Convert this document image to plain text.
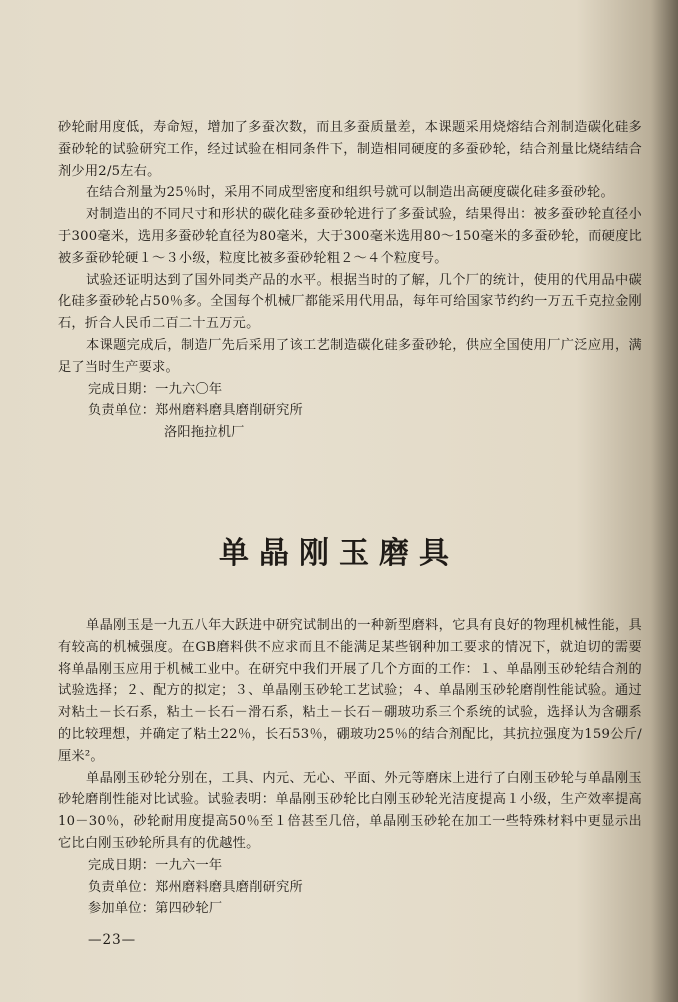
砂轮耐用度低，寿命短，增加了多蚕次数，而且多蚕质量差，本课题采用烧熔结合剂制造碳化硅多蚕砂轮的试验研究工作，经过试验在相同条件下，制造相同硬度的多蚕砂轮，结合剂量比烧结结合剂少用2/5左右。

在结合剂量为25％时，采用不同成型密度和组织号就可以制造出高硬度碳化硅多蚕砂轮。

对制造出的不同尺寸和形状的碳化硅多蚕砂轮进行了多蚕试验，结果得出：被多蚕砂轮直径小于300毫米，选用多蚕砂轮直径为80毫米，大于300毫米选用80～150毫米的多蚕砂轮，而硬度比被多蚕砂轮硬１～３小级，粒度比被多蚕砂轮粗２～４个粒度号。

试验还证明达到了国外同类产品的水平。根据当时的了解，几个厂的统计，使用的代用品中碳化硅多蚕砂轮占50％多。全国每个机械厂都能采用代用品，每年可给国家节约约一万五千克拉金刚石，折合人民币二百二十五万元。

本课题完成后，制造厂先后采用了该工艺制造碳化硅多蚕砂轮，供应全国使用厂广泛应用，满足了当时生产要求。

完成日期：一九六〇年

负责单位：郑州磨料磨具磨削研究所

洛阳拖拉机厂

单晶刚玉磨具

单晶刚玉是一九五八年大跃进中研究试制出的一种新型磨料，它具有良好的物理机械性能，具有较高的机械强度。在GB磨料供不应求而且不能满足某些钢种加工要求的情况下，就迫切的需要将单晶刚玉应用于机械工业中。在研究中我们开展了几个方面的工作：１、单晶刚玉砂轮结合剂的试验选择；２、配方的拟定；３、单晶刚玉砂轮工艺试验；４、单晶刚玉砂轮磨削性能试验。通过对粘土－长石系，粘土－长石－滑石系，粘土－长石－硼玻功系三个系统的试验，选择认为含硼系的比较理想，并确定了粘土22％，长石53％，硼玻功25％的结合剂配比，其抗拉强度为159公斤/厘米²。

单晶刚玉砂轮分别在，工具、内元、无心、平面、外元等磨床上进行了白刚玉砂轮与单晶刚玉砂轮磨削性能对比试验。试验表明：单晶刚玉砂轮比白刚玉砂轮光洁度提高１小级，生产效率提高10－30％，砂轮耐用度提高50％至１倍甚至几倍，单晶刚玉砂轮在加工一些特殊材料中更显示出它比白刚玉砂轮所具有的优越性。

完成日期：一九六一年

负责单位：郑州磨料磨具磨削研究所

参加单位：第四砂轮厂

—23—
